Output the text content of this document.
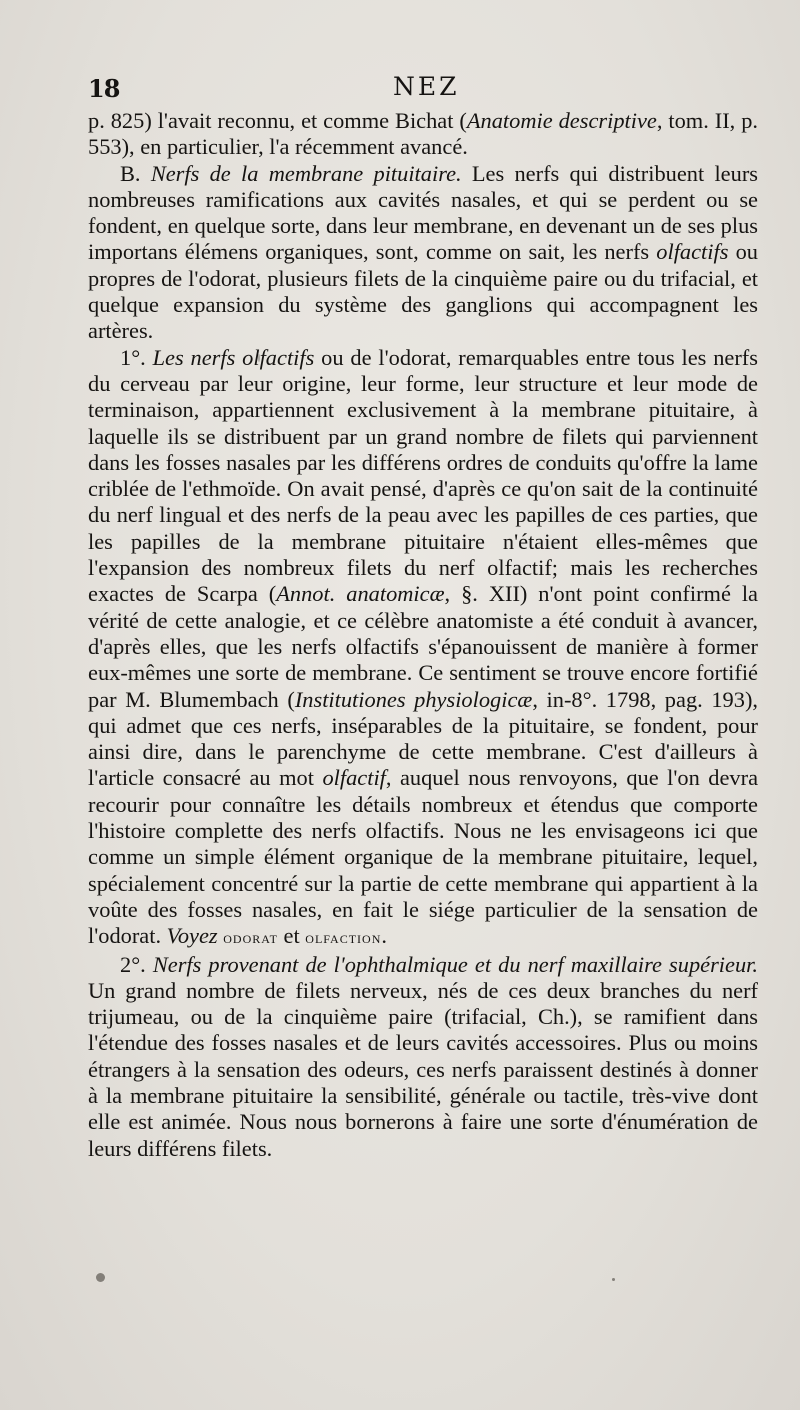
18	NEZ

p. 825) l'avait reconnu, et comme Bichat (Anatomie descriptive, tom. II, p. 553), en particulier, l'a récemment avancé.

B. Nerfs de la membrane pituitaire. Les nerfs qui distribuent leurs nombreuses ramifications aux cavités nasales, et qui se perdent ou se fondent, en quelque sorte, dans leur membrane, en devenant un de ses plus importans élémens organiques, sont, comme on sait, les nerfs olfactifs ou propres de l'odorat, plusieurs filets de la cinquième paire ou du trifacial, et quelque expansion du système des ganglions qui accompagnent les artères.

1°. Les nerfs olfactifs ou de l'odorat, remarquables entre tous les nerfs du cerveau par leur origine, leur forme, leur structure et leur mode de terminaison, appartiennent exclusivement à la membrane pituitaire, à laquelle ils se distribuent par un grand nombre de filets qui parviennent dans les fosses nasales par les différens ordres de conduits qu'offre la lame criblée de l'ethmoïde. On avait pensé, d'après ce qu'on sait de la continuité du nerf lingual et des nerfs de la peau avec les papilles de ces parties, que les papilles de la membrane pituitaire n'étaient elles-mêmes que l'expansion des nombreux filets du nerf olfactif; mais les recherches exactes de Scarpa (Annot. anatomicæ, §. XII) n'ont point confirmé la vérité de cette analogie, et ce célèbre anatomiste a été conduit à avancer, d'après elles, que les nerfs olfactifs s'épanouissent de manière à former eux-mêmes une sorte de membrane. Ce sentiment se trouve encore fortifié par M. Blumembach (Institutiones physiologicæ, in-8°. 1798, pag. 193), qui admet que ces nerfs, inséparables de la pituitaire, se fondent, pour ainsi dire, dans le parenchyme de cette membrane. C'est d'ailleurs à l'article consacré au mot olfactif, auquel nous renvoyons, que l'on devra recourir pour connaître les détails nombreux et étendus que comporte l'histoire complette des nerfs olfactifs. Nous ne les envisageons ici que comme un simple élément organique de la membrane pituitaire, lequel, spécialement concentré sur la partie de cette membrane qui appartient à la voûte des fosses nasales, en fait le siége particulier de la sensation de l'odorat. Voyez odorat et olfaction.

2°. Nerfs provenant de l'ophthalmique et du nerf maxillaire supérieur. Un grand nombre de filets nerveux, nés de ces deux branches du nerf trijumeau, ou de la cinquième paire (trifacial, Ch.), se ramifient dans l'étendue des fosses nasales et de leurs cavités accessoires. Plus ou moins étrangers à la sensation des odeurs, ces nerfs paraissent destinés à donner à la membrane pituitaire la sensibilité, générale ou tactile, très-vive dont elle est animée. Nous nous bornerons à faire une sorte d'énumération de leurs différens filets.
